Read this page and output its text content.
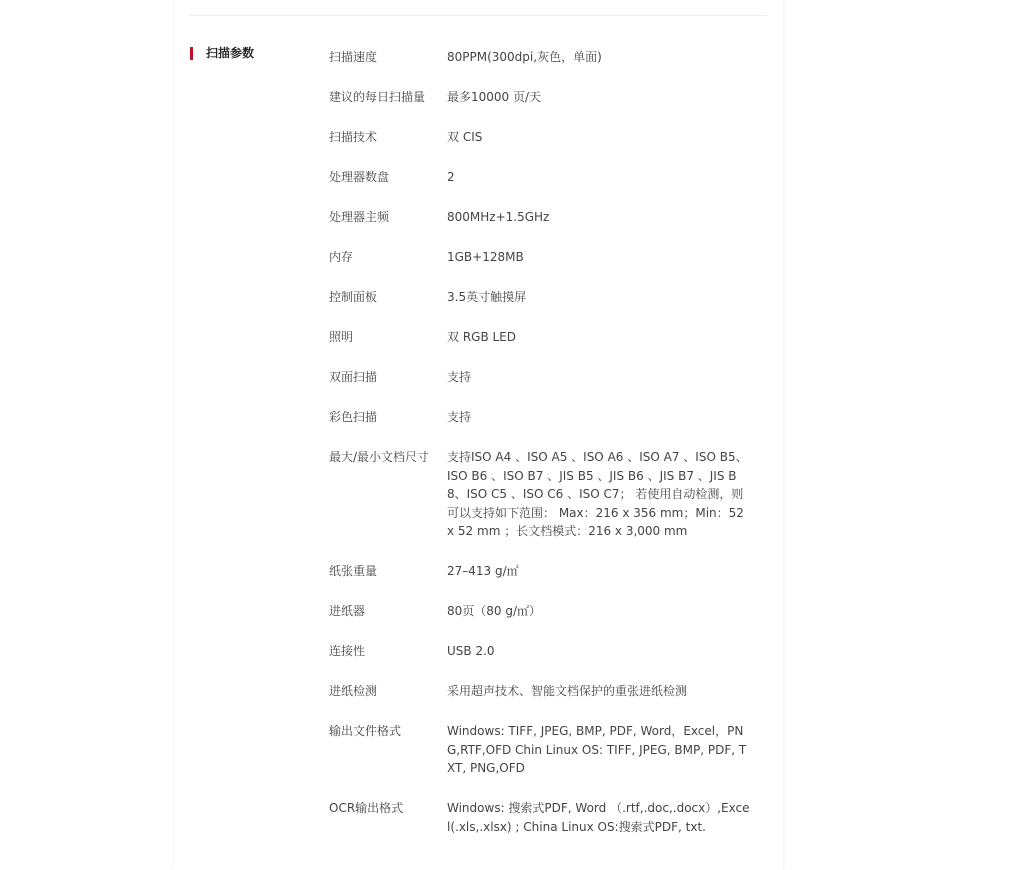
扫描参数	扫描速度	80PPM(300dpi,灰色，单面)
建议的每日扫描量	最多10000 页/天
扫描技术	双 CIS
处理器数盘	2
处理器主频	800MHz+1.5GHz
内存	1GB+128MB
控制面板	3.5英寸触摸屏
照明	双 RGB LED
双面扫描	支持
彩色扫描	支持
最大/最小文档尺寸	支持ISO A4 、ISO A5 、ISO A6 、ISO A7 、ISO B5、ISO B6 、ISO B7 、JIS B5 、JIS B6 、JIS B7 、JIS B8、ISO C5 、ISO C6 、ISO C7； 若使用自动检测，则可以支持如下范围： Max：216 x 356 mm；Min：52 x 52 mm ；长文档模式：216 x 3,000 mm
纸张重量	27–413 g/㎡
进纸器	80页（80 g/㎡）
连接性	USB 2.0
进纸检测	采用超声技术、智能文档保护的重张进纸检测
输出文件格式	Windows: TIFF, JPEG, BMP, PDF, Word，Excel，PNG,RTF,OFD Chin Linux OS: TIFF, JPEG, BMP, PDF, TXT, PNG,OFD
OCR输出格式	Windows: 搜索式PDF, Word （.rtf,.doc,.docx）,Excel(.xls,.xlsx) ; China Linux OS:搜索式PDF, txt.
